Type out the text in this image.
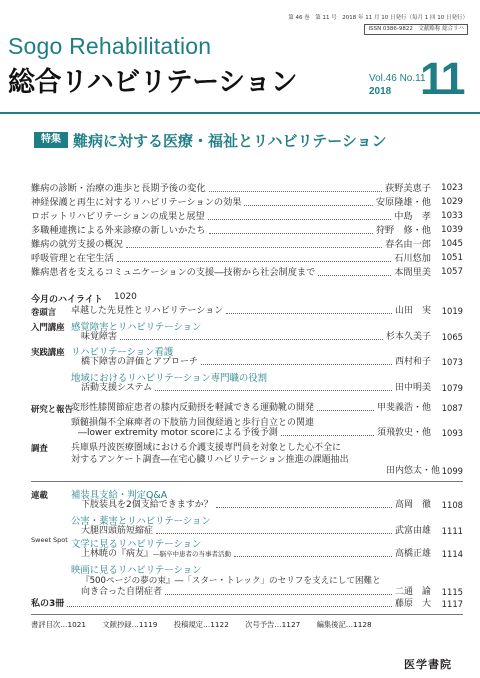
第 46 巻　第 11 号　2018 年 11 月 10 日発行（毎月 1 回 10 日発行）
ISSN 0386-9822　文献略称 総合リハ
Sogo Rehabilitation
総合リハビリテーション	Vol.46 No.11
2018 11
特集 難病に対する医療・福祉とリハビリテーション
難病の診断・治療の進歩と長期予後の変化	荻野美恵子	1023
神経保護と再生に対するリハビリテーションの効果	安原隆雄・他	1029
ロボットリハビリテーションの成果と展望	中島　孝	1033
多職種連携による外来診療の新しいかたち	狩野　修・他	1039
難病の就労支援の概況	春名由一郎	1045
呼吸管理と在宅生活	石川悠加	1051
難病患者を支えるコミュニケーションの支援―技術から社会制度まで	本間里美	1057
今月のハイライト 1020
巻頭言 卓越した先見性とリハビリテーション	山田　実	1019
入門講座 感覚障害とリハビリテーション
味覚障害	杉本久美子	1065
実践講座 リハビリテーション看護
橋下障害の評価とアプローチ	西村和子	1073
地域におけるリハビリテーション専門職の役割
活動支援システム	田中明美	1079
研究と報告
変形性膝関節症患者の膝内反動摂を軽減できる運動靴の開発	甲斐義浩・他	1087
頸髄損傷不全麻痺者の下肢筋力回復経過と歩行自立との関連
―lower extremity motor scoreによる予後予測	須飛敦史・他	1093
調査	兵庫県丹波医療圏域における介護支援専門員を対象とした心不全に
対するアンケート調査―在宅心臓リハビリテーション推進の課題抽出
田内悠太・他 1099
連載 補装具支給・判定Q&A
下肢装具を2個支給できますか？	高岡　徹	1108
公害・薬害とリハビリテーション
大腿四頭筋短縮症	武富由雄	1111
Sweet Spot 文学に見るリハビリテーション
上林暁の『病友』―脳卒中患者の当事者活動	高橋正雄	1114
映画に見るリハビリテーション
『500ページの夢の束』―「スター・トレック」のセリフを支えにして困難と
向き合った自閉症者	二通　諭	1115
私の3冊	藤原　大	1117
書評目次…1021 文献抄録…1119 投稿規定…1122 次号予告…1127 編集後記…1128
医学書院
